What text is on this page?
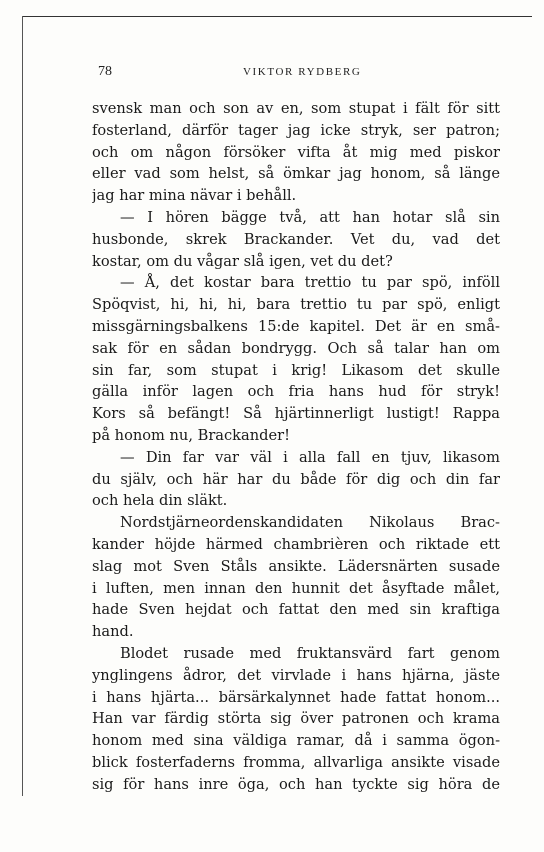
78	VIKTOR RYDBERG
svensk man och son av en, som stupat i fält för sitt
fosterland, därför tager jag icke stryk, ser patron;
och om någon försöker vifta åt mig med piskor
eller vad som helst, så ömkar jag honom, så länge
jag har mina nävar i behåll.
— I hören bägge två, att han hotar slå sin
husbonde, skrek Brackander. Vet du, vad det
kostar, om du vågar slå igen, vet du det?
— Å, det kostar bara trettio tu par spö, inföll
Spöqvist, hi, hi, hi, bara trettio tu par spö, enligt
missgärningsbalkens 15:de kapitel. Det är en små-
sak för en sådan bondrygg. Och så talar han om
sin far, som stupat i krig! Likasom det skulle
gälla inför lagen och fria hans hud för stryk!
Kors så befängt! Så hjärtinnerligt lustigt! Rappa
på honom nu, Brackander!
— Din far var väl i alla fall en tjuv, likasom
du själv, och här har du både för dig och din far
och hela din släkt.
Nordstjärneordenskandidaten Nikolaus Brac-
kander höjde härmed chambrièren och riktade ett
slag mot Sven Ståls ansikte. Lädersnärten susade
i luften, men innan den hunnit det åsyftade målet,
hade Sven hejdat och fattat den med sin kraftiga
hand.
Blodet rusade med fruktansvärd fart genom
ynglingens ådror, det virvlade i hans hjärna, jäste
i hans hjärta... bärsärkalynnet hade fattat honom...
Han var färdig störta sig över patronen och krama
honom med sina väldiga ramar, då i samma ögon-
blick fosterfaderns fromma, allvarliga ansikte visade
sig för hans inre öga, och han tyckte sig höra de
